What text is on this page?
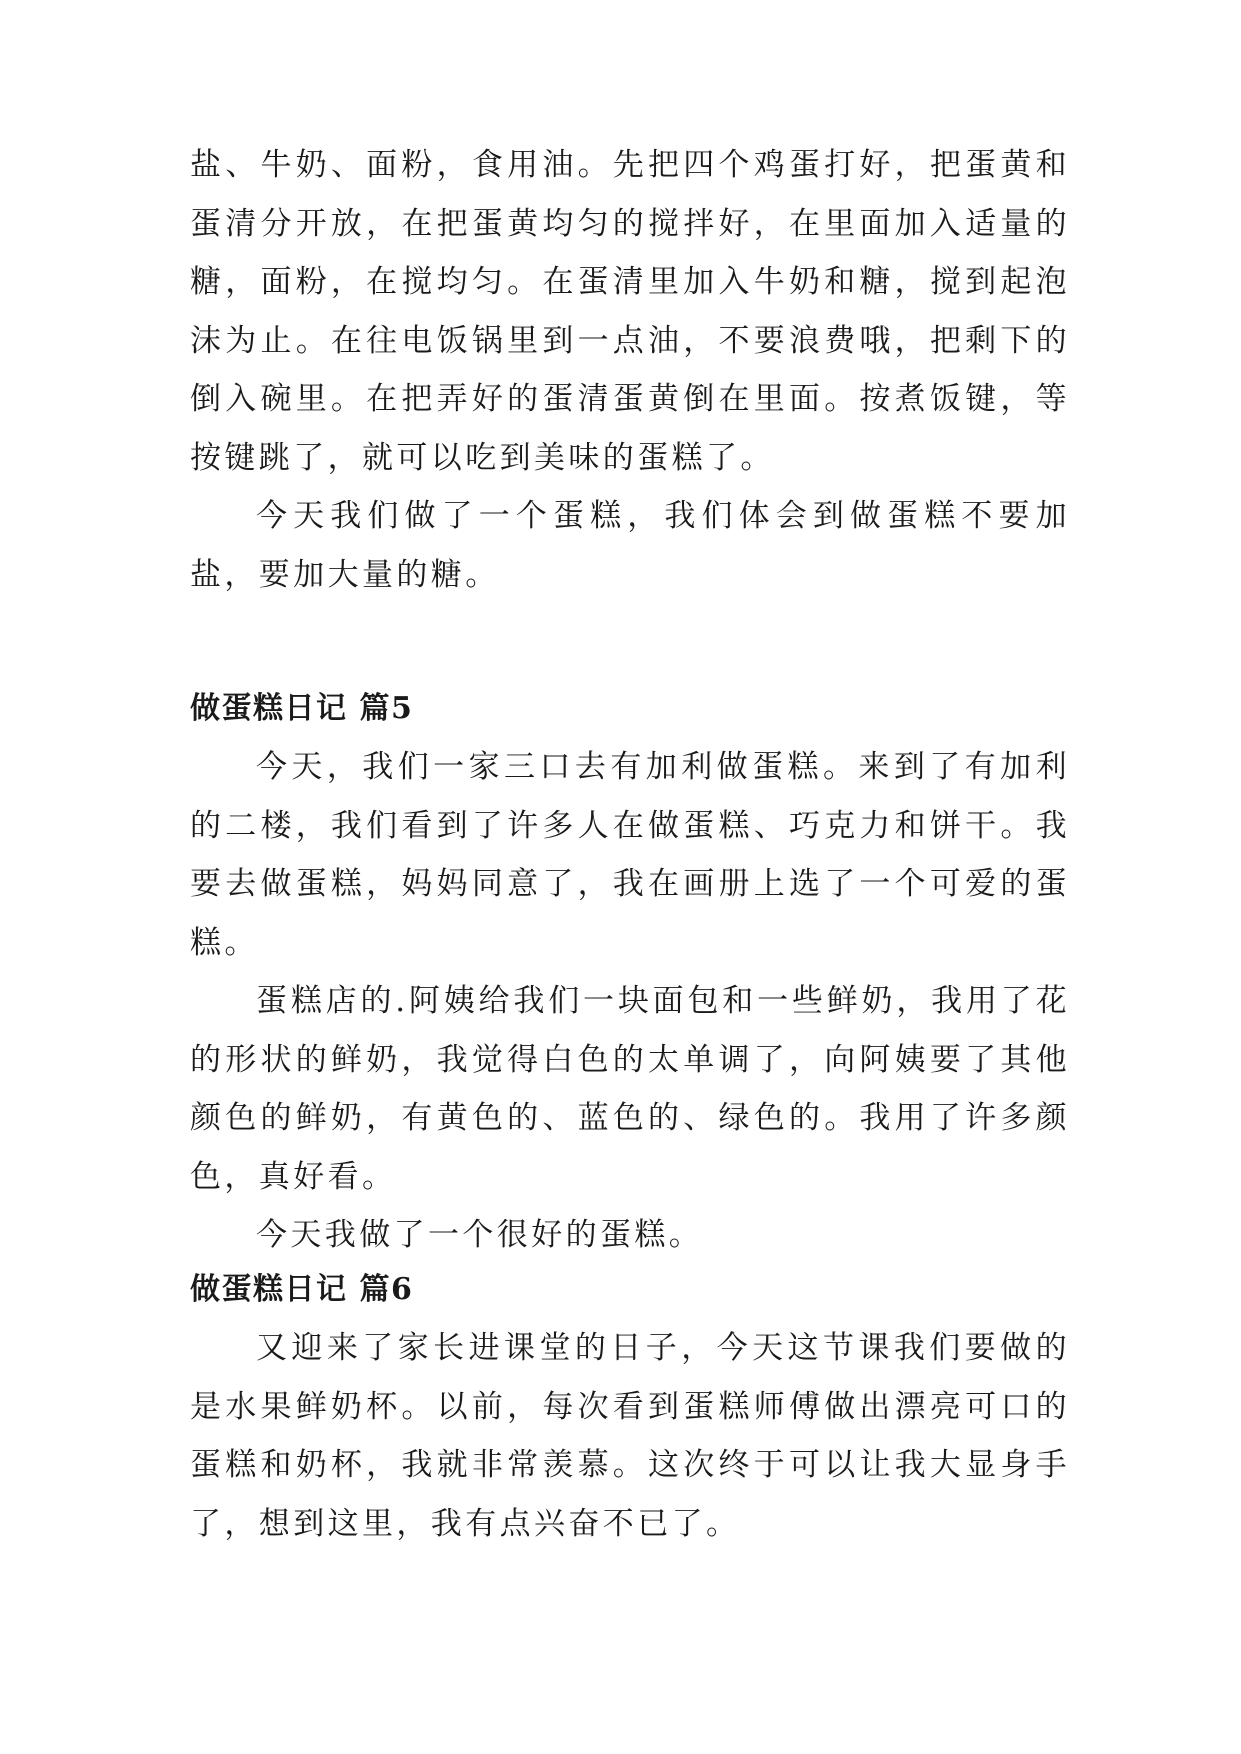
盐、牛奶、面粉，食用油。先把四个鸡蛋打好，把蛋黄和蛋清分开放，在把蛋黄均匀的搅拌好，在里面加入适量的糖，面粉，在搅均匀。在蛋清里加入牛奶和糖，搅到起泡沫为止。在往电饭锅里到一点油，不要浪费哦，把剩下的倒入碗里。在把弄好的蛋清蛋黄倒在里面。按煮饭键，等按键跳了，就可以吃到美味的蛋糕了。

今天我们做了一个蛋糕，我们体会到做蛋糕不要加盐，要加大量的糖。

做蛋糕日记 篇5

今天，我们一家三口去有加利做蛋糕。来到了有加利的二楼，我们看到了许多人在做蛋糕、巧克力和饼干。我要去做蛋糕，妈妈同意了，我在画册上选了一个可爱的蛋糕。

蛋糕店的.阿姨给我们一块面包和一些鲜奶，我用了花的形状的鲜奶，我觉得白色的太单调了，向阿姨要了其他颜色的鲜奶，有黄色的、蓝色的、绿色的。我用了许多颜色，真好看。

今天我做了一个很好的蛋糕。

做蛋糕日记 篇6

又迎来了家长进课堂的日子，今天这节课我们要做的是水果鲜奶杯。以前，每次看到蛋糕师傅做出漂亮可口的蛋糕和奶杯，我就非常羡慕。这次终于可以让我大显身手了，想到这里，我有点兴奋不已了。
